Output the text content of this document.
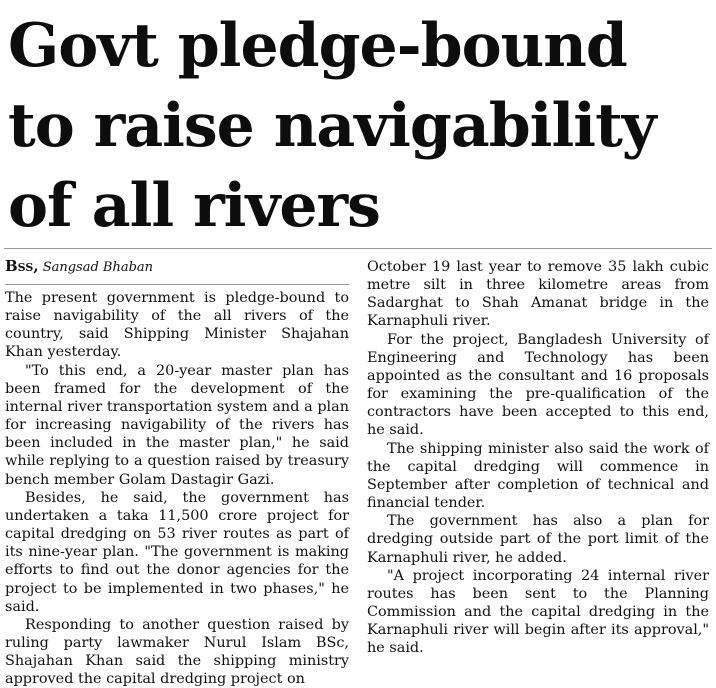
Govt pledge-bound
to raise navigability
of all rivers
Bss, Sangsad Bhaban

The present government is pledge-bound to raise navigability of the all rivers of the country, said Shipping Minister Shajahan Khan yesterday.

"To this end, a 20-year master plan has been framed for the development of the internal river transportation system and a plan for increasing navigability of the rivers has been included in the master plan," he said while replying to a question raised by treasury bench member Golam Dastagir Gazi.

Besides, he said, the government has undertaken a taka 11,500 crore project for capital dredging on 53 river routes as part of its nine-year plan. "The government is making efforts to find out the donor agencies for the project to be implemented in two phases," he said.

Responding to another question raised by ruling party lawmaker Nurul Islam BSc, Shajahan Khan said the shipping ministry approved the capital dredging project on

October 19 last year to remove 35 lakh cubic metre silt in three kilometre areas from Sadarghat to Shah Amanat bridge in the Karnaphuli river.

For the project, Bangladesh University of Engineering and Technology has been appointed as the consultant and 16 proposals for examining the pre-qualification of the contractors have been accepted to this end, he said.

The shipping minister also said the work of the capital dredging will commence in September after completion of technical and financial tender.

The government has also a plan for dredging outside part of the port limit of the Karnaphuli river, he added.

"A project incorporating 24 internal river routes has been sent to the Planning Commission and the capital dredging in the Karnaphuli river will begin after its approval," he said.
